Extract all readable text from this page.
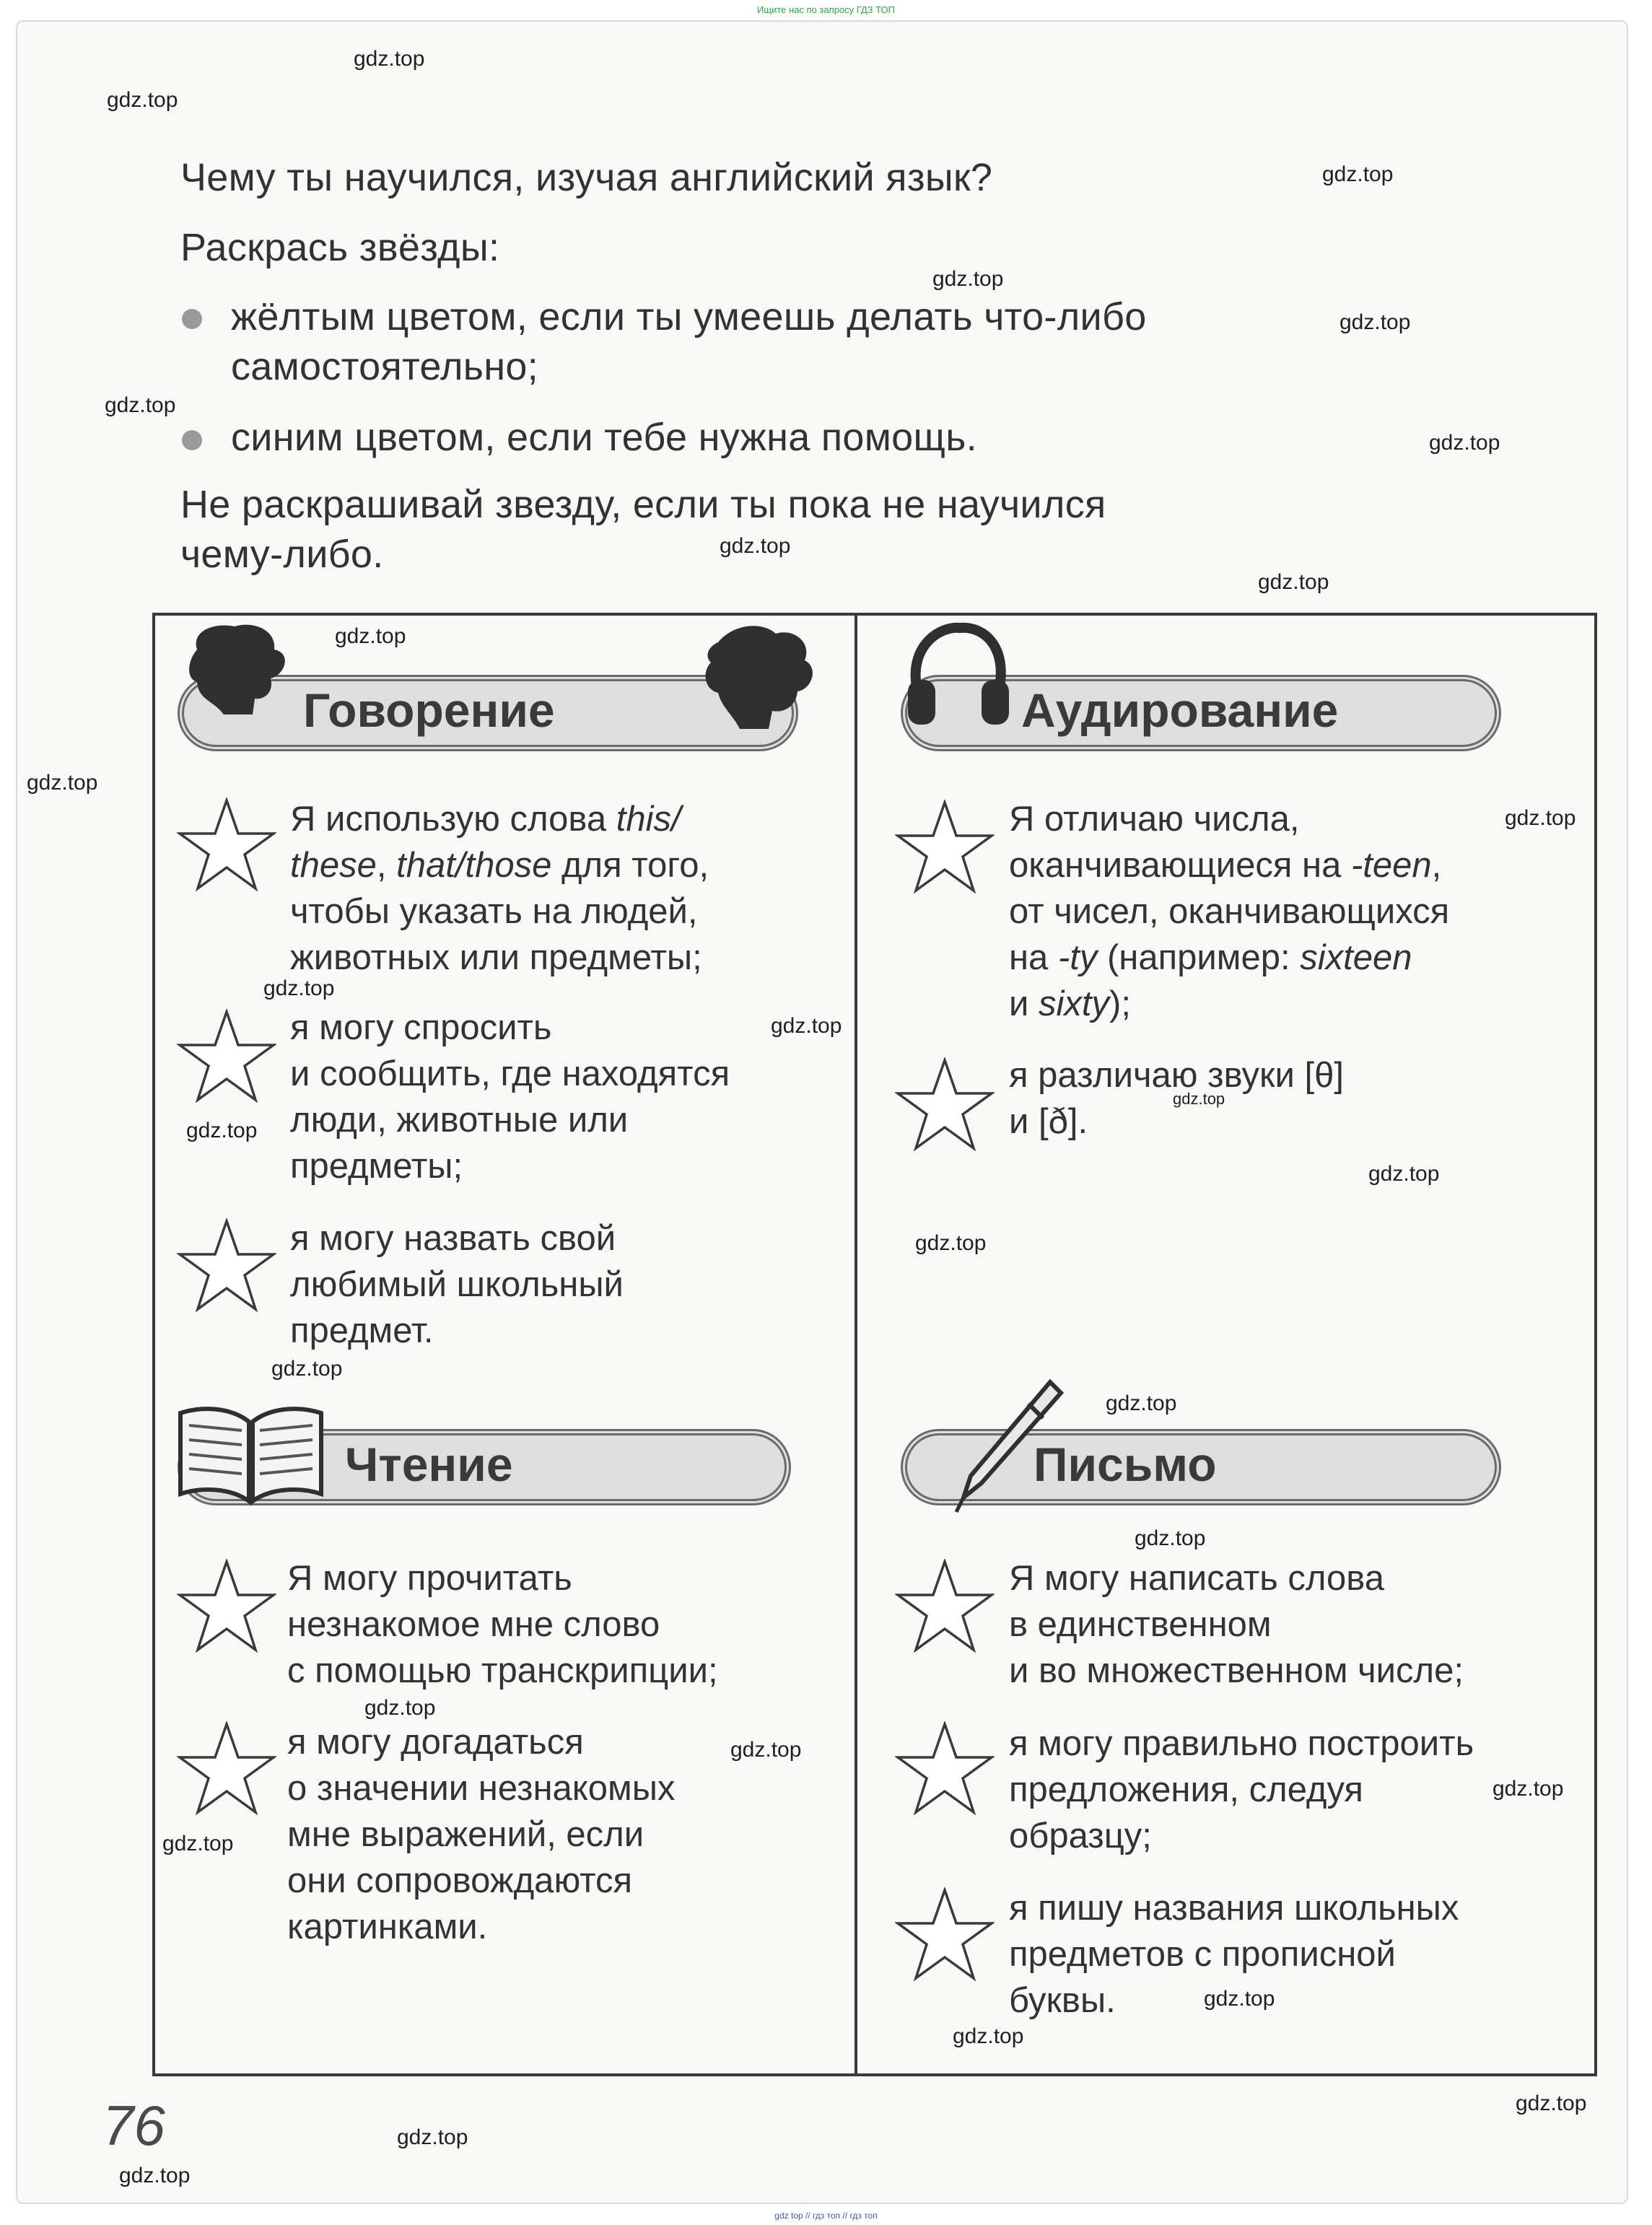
Ищите нас по запросу ГДЗ ТОП
Чему ты научился, изучая английский язык?
Раскрась звёзды:
жёлтым цветом, если ты умеешь делать что-либо
самостоятельно;
синим цветом, если тебе нужна помощь.
Не раскрашивай звезду, если ты пока не научился
чему-либо.
Говорение	Аудирование
Чтение	Письмо
Я использую слова this/
these, that/those для того,
чтобы указать на людей,
животных или предметы;
я могу спросить
и сообщить, где находятся
люди, животные или
предметы;
я могу назвать свой
любимый школьный
предмет.
Я отличаю числа,
оканчивающиеся на -teen,
от чисел, оканчивающихся
на -ty (например: sixteen
и sixty);
я различаю звуки [θ]
и [ð].
Я могу прочитать
незнакомое мне слово
с помощью транскрипции;
я могу догадаться
о значении незнакомых
мне выражений, если
они сопровождаются
картинками.
Я могу написать слова
в единственном
и во множественном числе;
я могу правильно построить
предложения, следуя
образцу;
я пишу названия школьных
предметов с прописной
буквы.
76
gdz.top
gdz.top
gdz.top
gdz.top
gdz.top
gdz.top
gdz.top
gdz.top
gdz.top
gdz.top
gdz.top
gdz.top
gdz.top
gdz.top
gdz.top
gdz.top
gdz.top
gdz.top
gdz.top
gdz.top
gdz.top
gdz.top
gdz.top
gdz.top
gdz.top
gdz.top
gdz.top
gdz.top
gdz.top
gdz.top
gdz top // гдз топ // гдз топ
